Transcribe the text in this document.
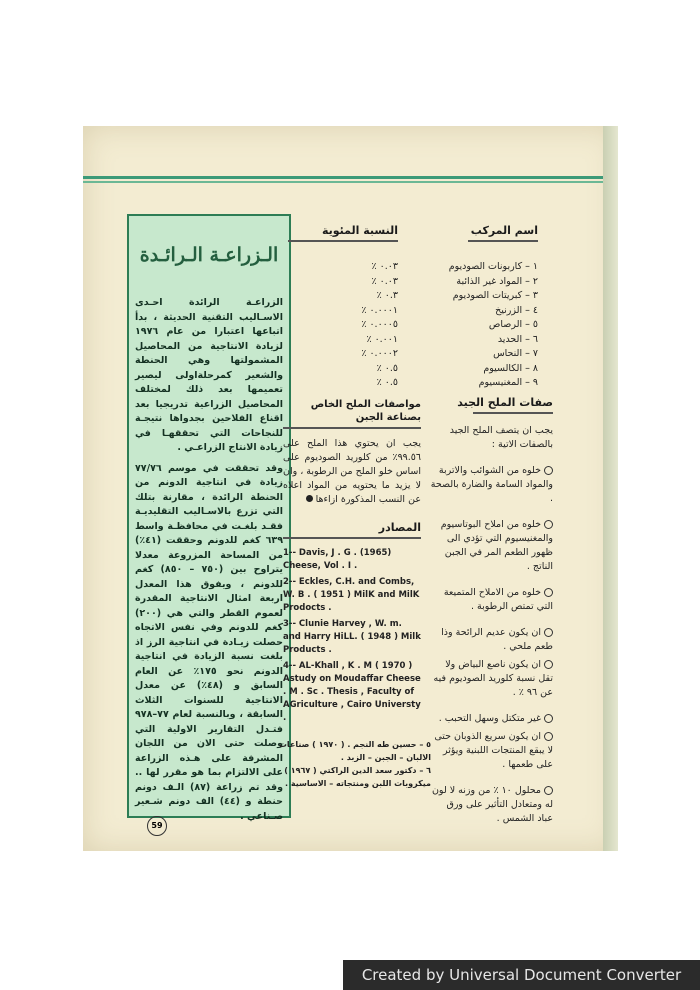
الـزراعـة الـرائـدة

الزراعـة الرائدة احـدى الاسـاليب التقنية الحديثة ، بدأ اتباعها اعتبارا من عام ١٩٧٦ لزيادة الانتاجية من المحاصيل المشمولتها وهي الحنطة والشعير كمرحلةاولى ليصير تعميمها بعد ذلك لمختلف المحاصيل الزراعية تدريجيا بعد اقناع الفلاحين بجدواها نتيجـة للنجاحات التي تحققهـا في زيادة الانتاج الزراعـي .

وقد تحققت في موسم ٧٧/٧٦ زيادة في انتاجية الدونم من الحنطة الرائدة ، مقارنة بتلك التي تزرع بالاسـاليب التقليديـة فقـد بلغـت في محافظـة واسط ٦٣٩ كغم للدونم وحققت (٤١٪) من المساحة المزروعة معدلا يتراوح بين (٧٥٠ – ٨٥٠) كغم للدونم ، ويفوق هذا المعدل اربعة امثال الانتاجية المقدرة لعموم القطر والتي هي (٢٠٠) كغم للدونم وفي نفس الاتجاه حصلت زيـادة في انتاجية الرز اذ بلغت نسبة الزيادة في انتاجية الدونم نحو ١٧٥٪ عن العام السابق و (٤٨٪) عن معدل الانتاجية للسنوات الثلاث السابقة ، وبالنسبة لعام ٧٧–٩٧٨ فتـدل التقارير الاولية التي وصلت حتى الان من اللجان المشرفة على هـذه الزراعة على الالتزام بما هو مقرر لها .. وقد تم زراعة (٨٧) الـف دونم حنطة و (٤٤) الف دونم شـعير صـناعي .

النسبة المئوية
٠.٠٣ ٪
٠.٠٣ ٪
٠.٣ ٪
٠.٠٠٠١ ٪
٠.٠٠٠٥ ٪
٠.٠٠١ ٪
٠.٠٠٠٢ ٪
٠.٥ ٪
٠.٥ ٪
اسم المركب
١ – كاربونات الصوديوم
٢ – المواد غير الذائبة
٣ – كبريتات الصوديوم
٤ – الزرنيخ
٥ – الرصاص
٦ – الحديد
٧ – النحاس
٨ – الكالسيوم
٩ – المغنيسيوم
مواصفات الملح الخاص بصناعة الجبن
يجب ان يحتوي هذا الملح على ٩٩.٥٦٪ من كلوريد الصوديوم على اساس خلو الملح من الرطوبة ، وان لا يزيد ما يحتويه من المواد اعلاه عن النسب المذكورة ازاءها
المصادر
1-- Davis, J . G . (1965) Cheese, Vol . I .
2-- Eckles, C.H. and Combs, W. B . ( 1951 ) MilK and MilK Prodocts .
3-- Clunie Harvey , W. m. and Harry HiLL. ( 1948 ) Milk Products .
4-- AL-Khall , K . M ( 1970 ) Astudy on Moudaffar Cheese . M . Sc . Thesis , Faculty of AGriculture , Cairo Universty .
٥ – حسين طه النجم . ( ١٩٧٠ ) صناعات الالبان – الجبن – الزبد .
٦ – دكتور سعد الدين الراكتي ( ١٩٦٧ ) ميكروبات اللبن ومنتجاته – الاساسية .
صفات الملح الجيد
يجب ان يتصف الملح الجيد بالصفات الاتية :
خلوه من الشوائب والاتربة والمواد السامة والضارة بالصحة .
خلوه من املاح البوتاسيوم والمغنيسيوم التي تؤدي الى ظهور الطعم المر في الجبن الناتج .
خلوه من الاملاح المتميعة التي تمتص الرطوبة .
ان يكون عديم الرائحة وذا طعم ملحي .
ان يكون ناصع البياض ولا تقل نسبة كلوريد الصوديوم فيه عن ٩٦ ٪ .
غير متكتل وسهل التحبب .
ان يكون سريع الذوبان حتى لا يبقع المنتجات اللبنية ويؤثر على طعمها .
محلول ١٠ ٪ من وزنه لا لون له ومتعادل التأثير على ورق عباد الشمس .
59
Created by Universal Document Converter
